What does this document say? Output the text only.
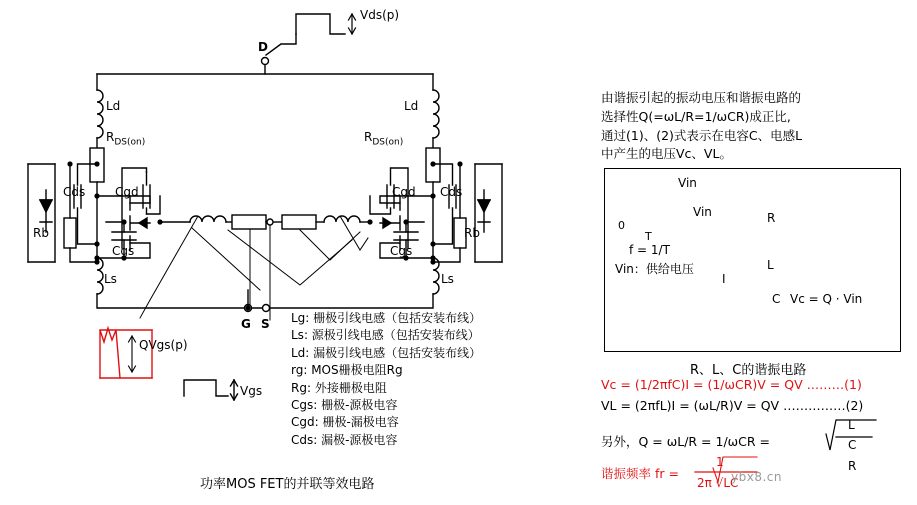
Vds(p)
D
Ld	Ld
$R_{DS(on)}$	$R_{DS(on)}$
Cds Cgd
Cgs
Rb
Ls
Cgd Cds
Cgs
Rb
Ls
G S
QVgs(p)
Vgs
Lg: 栅极引线电感（包括安装布线）
Ls: 源极引线电感（包括安装布线）
Ld: 漏极引线电感（包括安装布线）
rg: MOS栅极电阻Rg
Rg: 外接栅极电阻
Cgs: 栅极-源极电容
Cgd: 栅极-漏极电容
Cds: 漏极-源极电容
功率MOS FET的并联等效电路
由谐振引起的振动电压和谐振电路的
选择性Q(=ωL/R=1/ωCR)成正比,
通过(1)、(2)式表示在电容C、电感L
中产生的电压Vc、VL。
Vin
Vin
0
T
f = 1/T
Vin：供给电压
R
L
C
I
Vc = Q · Vin
R、L、C的谐振电路
Vc = (1/2πfC)I = (1/ωCR)V = QV ………(1)
VL = (2πfL)I = (ωL/R)V = QV ……………(2)
另外，Q = ωL/R = 1/ωCR =
L
C
R
谐振频率 fr =
1
2π √LC
ybx8.cn
